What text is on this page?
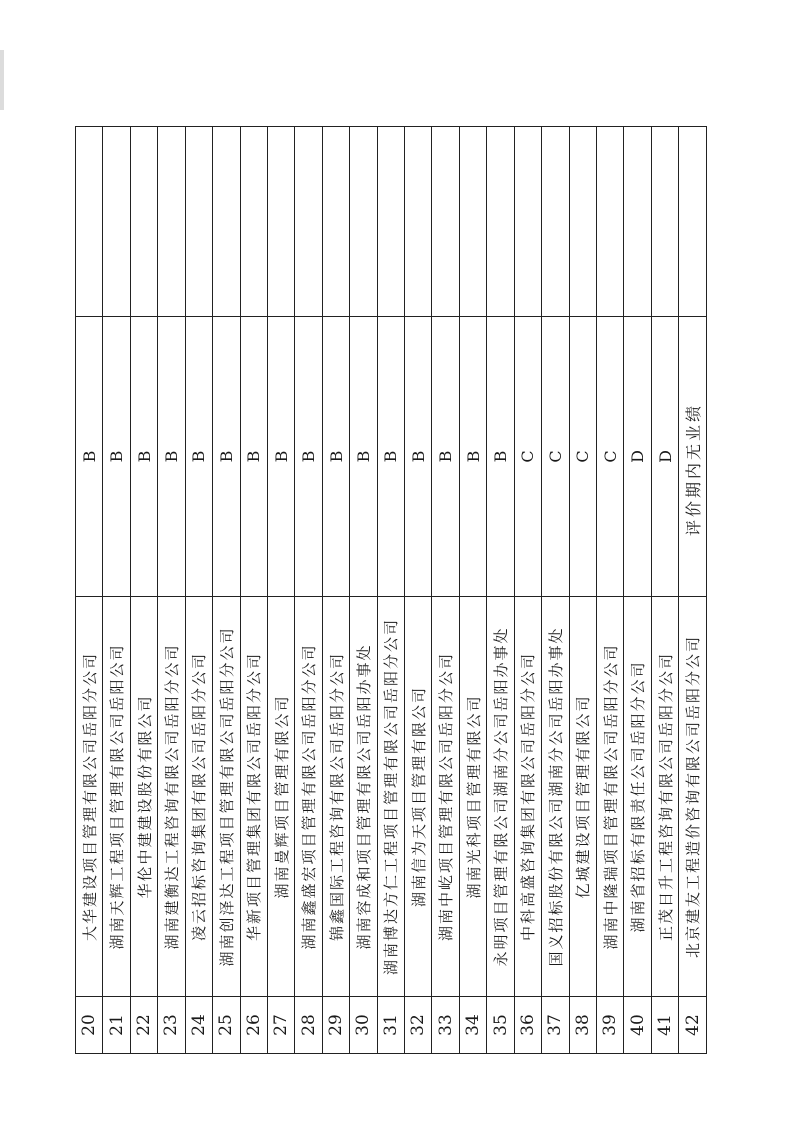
20	大华建设项目管理有限公司岳阳分公司	B	
21	湖南天辉工程项目管理有限公司岳阳公司	B	
22	华伦中建建设股份有限公司	B	
23	湖南建衡达工程咨询有限公司岳阳分公司	B	
24	凌云招标咨询集团有限公司岳阳分公司	B	
25	湖南创泽达工程项目管理有限公司岳阳分公司	B	
26	华新项目管理集团有限公司岳阳分公司	B	
27	湖南曼辉项目管理有限公司	B	
28	湖南鑫盛宏项目管理有限公司岳阳分公司	B	
29	锦鑫国际工程咨询有限公司岳阳分公司	B	
30	湖南容成和项目管理有限公司岳阳办事处	B	
31	湖南博达方仁工程项目管理有限公司岳阳分公司	B	
32	湖南信为天项目管理有限公司	B	
33	湖南中屹项目管理有限公司岳阳分公司	B	
34	湖南光科项目管理有限公司	B	
35	永明项目管理有限公司湖南分公司岳阳办事处	B	
36	中科高盛咨询集团有限公司岳阳分公司	C	
37	国义招标股份有限公司湖南分公司岳阳办事处	C	
38	亿城建设项目管理有限公司	C	
39	湖南中隆瑞项目管理有限公司岳阳分公司	C	
40	湖南省招标有限责任公司岳阳分公司	D	
41	正茂日升工程咨询有限公司岳阳分公司	D	
42	北京建友工程造价咨询有限公司岳阳分公司	评价期内无业绩	
